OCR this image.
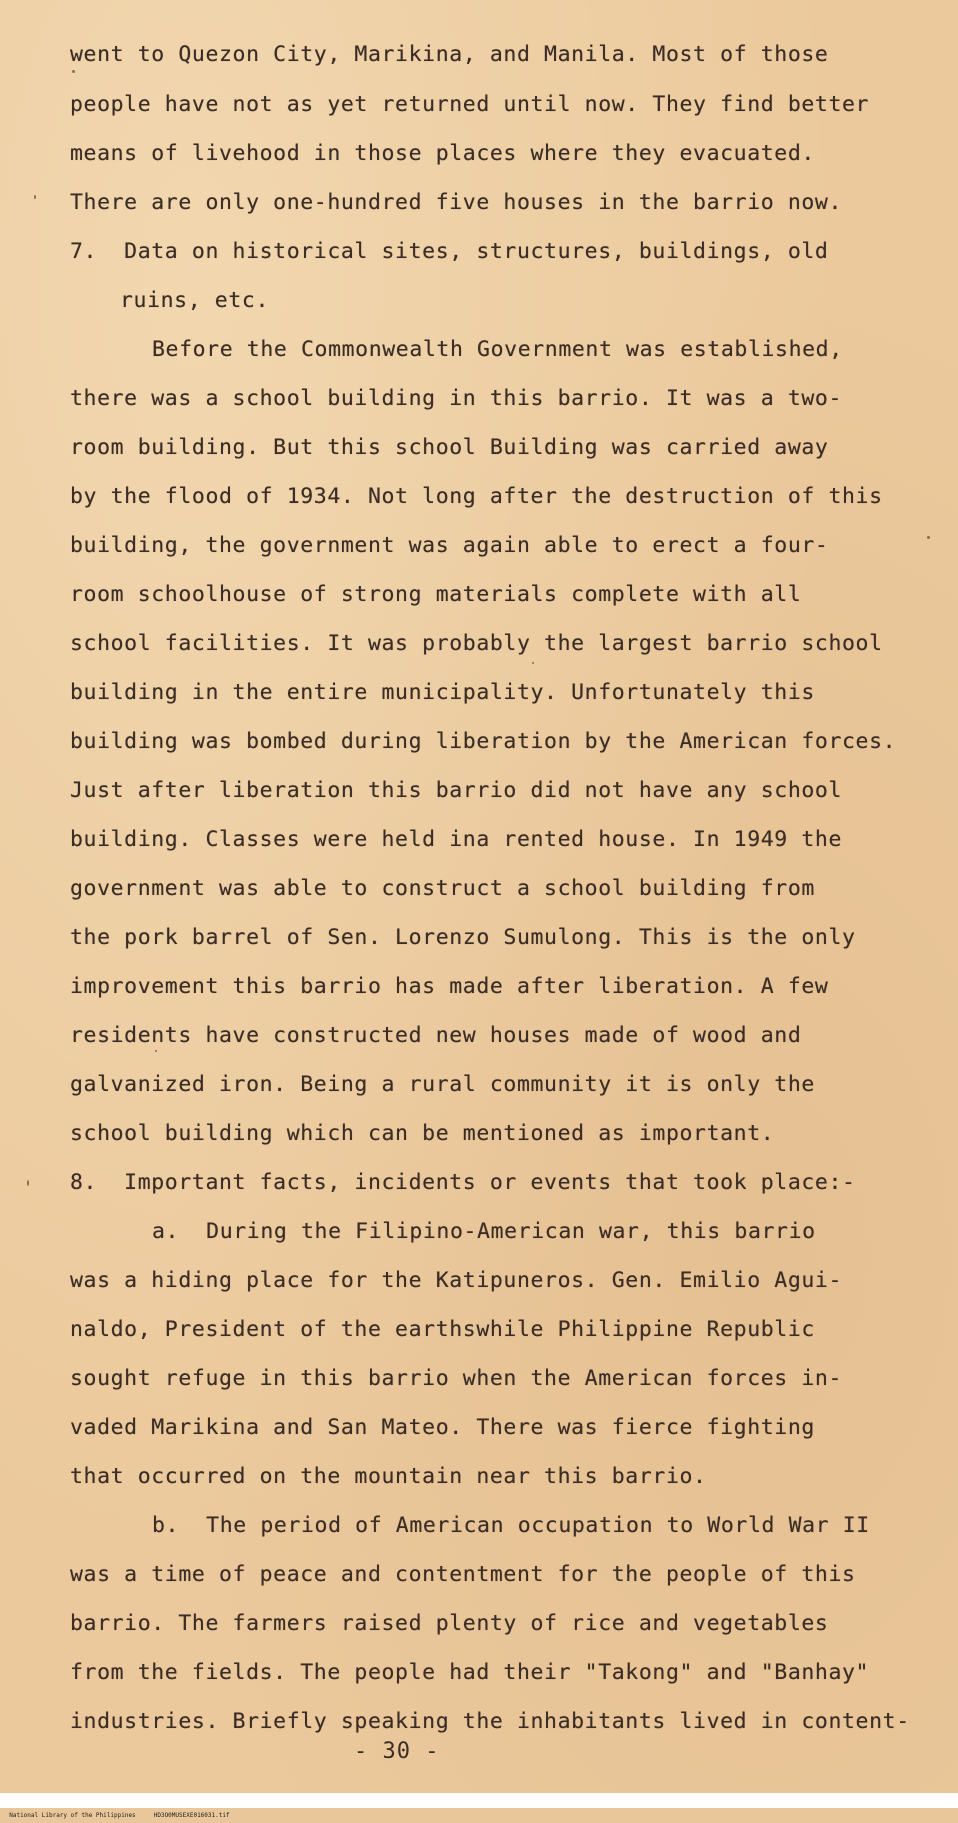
went to Quezon City, Marikina, and Manila. Most of those
people have not as yet returned until now. They find better
means of livehood in those places where they evacuated.
There are only one-hundred five houses in the barrio now.
7.  Data on historical sites, structures, buildings, old
ruins, etc.
Before the Commonwealth Government was established,
there was a school building in this barrio. It was a two-
room building. But this school Building was carried away
by the flood of 1934. Not long after the destruction of this
building, the government was again able to erect a four-
room schoolhouse of strong materials complete with all
school facilities. It was probably the largest barrio school
building in the entire municipality. Unfortunately this
building was bombed during liberation by the American forces.
Just after liberation this barrio did not have any school
building. Classes were held ina rented house. In 1949 the
government was able to construct a school building from
the pork barrel of Sen. Lorenzo Sumulong. This is the only
improvement this barrio has made after liberation. A few
residents have constructed new houses made of wood and
galvanized iron. Being a rural community it is only the
school building which can be mentioned as important.
8.  Important facts, incidents or events that took place:-
a.  During the Filipino-American war, this barrio
was a hiding place for the Katipuneros. Gen. Emilio Agui-
naldo, President of the earthswhile Philippine Republic
sought refuge in this barrio when the American forces in-
vaded Marikina and San Mateo. There was fierce fighting
that occurred on the mountain near this barrio.
b.  The period of American occupation to World War II
was a time of peace and contentment for the people of this
barrio. The farmers raised plenty of rice and vegetables
from the fields. The people had their "Takong" and "Banhay"
industries. Briefly speaking the inhabitants lived in content-
- 30 -

National Library of the Philippines     HD3O0MUSEXE016031.tif
